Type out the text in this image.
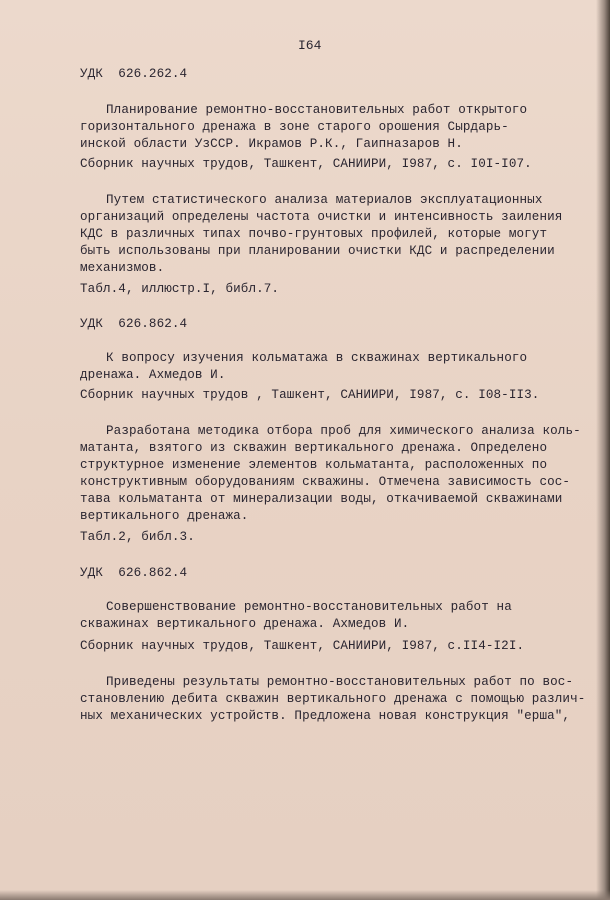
I64
УДК  626.262.4
Планирование ремонтно-восстановительных работ открытого
горизонтального дренажа в зоне старого орошения Сырдарь-
инской области УзССР. Икрамов Р.К., Гаипназаров Н.
Сборник научных трудов, Ташкент, САНИИРИ, I987, с. I0I-I07.
Путем статистического анализа материалов эксплуатационных
организаций определены частота очистки и интенсивность заиления
КДС в различных типах почво-грунтовых профилей, которые могут
быть использованы при планировании очистки КДС и распределении
механизмов.
Табл.4, иллюстр.I, библ.7.
УДК  626.862.4
К вопросу изучения кольматажа в скважинах вертикального
дренажа. Ахмедов И.
Сборник научных трудов , Ташкент, САНИИРИ, I987, с. I08-II3.
Разработана методика отбора проб для химического анализа коль-
матанта, взятого из скважин вертикального дренажа. Определено
структурное изменение элементов кольматанта, расположенных по
конструктивным оборудованиям скважины. Отмечена зависимость сос-
тава кольматанта от минерализации воды, откачиваемой скважинами
вертикального дренажа.
Табл.2, библ.3.
УДК  626.862.4
Совершенствование ремонтно-восстановительных работ на
скважинах вертикального дренажа. Ахмедов И.
Сборник научных трудов, Ташкент, САНИИРИ, I987, с.II4-I2I.
Приведены результаты ремонтно-восстановительных работ по вос-
становлению дебита скважин вертикального дренажа с помощью различ-
ных механических устройств. Предложена новая конструкция "ерша",
